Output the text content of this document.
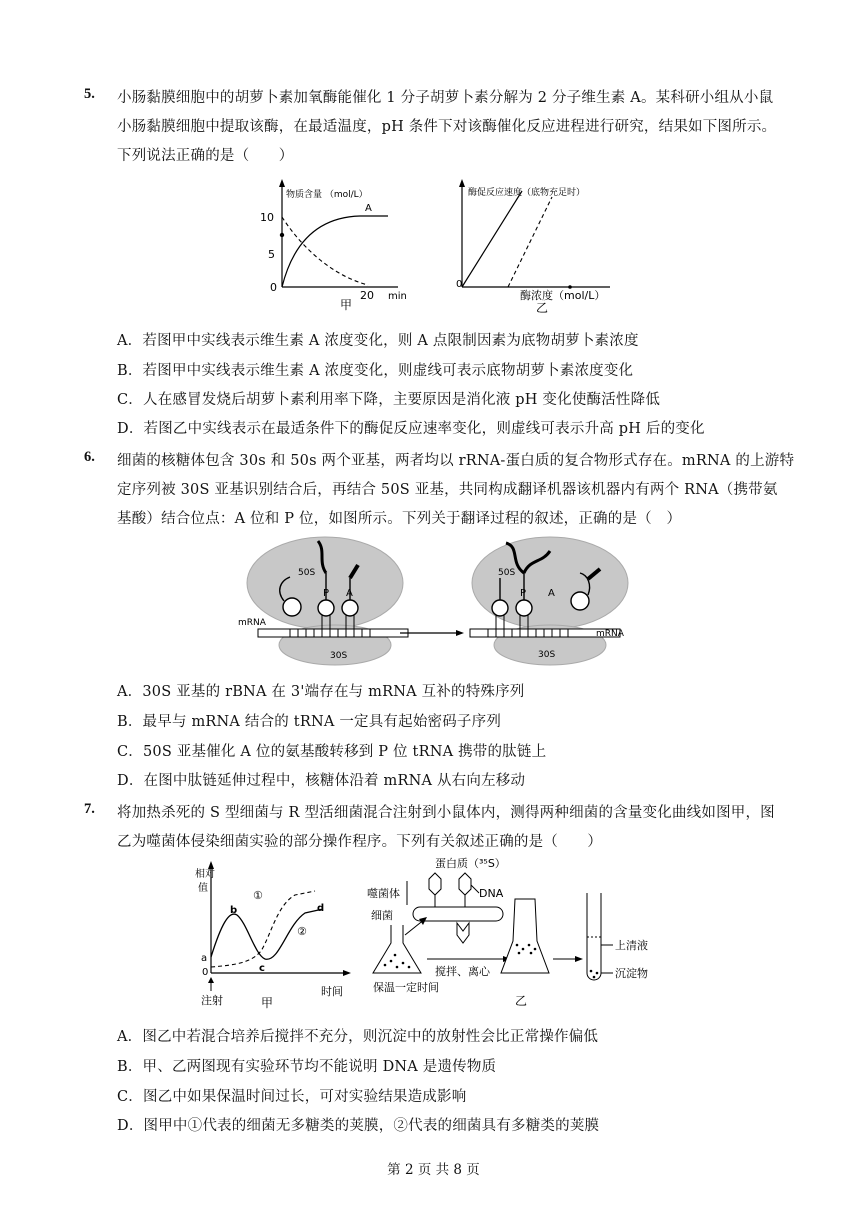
5. 小肠黏膜细胞中的胡萝卜素加氧酶能催化 1 分子胡萝卜素分解为 2 分子维生素 A。某科研小组从小鼠
小肠黏膜细胞中提取该酶，在最适温度，pH 条件下对该酶催化反应进程进行研究，结果如下图所示。
下列说法正确的是（　　）
物质含量 （mol/L）
10
5
0
A
20 min
甲
酶促反应速度（底物充足时）
0
酶浓度（mol/L）
乙
A．若图甲中实线表示维生素 A 浓度变化，则 A 点限制因素为底物胡萝卜素浓度
B．若图甲中实线表示维生素 A 浓度变化，则虚线可表示底物胡萝卜素浓度变化
C．人在感冒发烧后胡萝卜素利用率下降，主要原因是消化液 pH 变化使酶活性降低
D．若图乙中实线表示在最适条件下的酶促反应速率变化，则虚线可表示升高 pH 后的变化
6. 细菌的核糖体包含 30s 和 50s 两个亚基，两者均以 rRNA-蛋白质的复合物形式存在。mRNA 的上游特
定序列被 30S 亚基识别结合后，再结合 50S 亚基，共同构成翻译机器该机器内有两个 RNA（携带氨
基酸）结合位点：A 位和 P 位，如图所示。下列关于翻译过程的叙述，正确的是（　）
50S
P A
mRNA
30S
50S
P A
mRNA
30S
A．30S 亚基的 rBNA 在 3'端存在与 mRNA 互补的特殊序列
B．最早与 mRNA 结合的 tRNA 一定具有起始密码子序列
C．50S 亚基催化 A 位的氨基酸转移到 P 位 tRNA 携带的肽链上
D．在图中肽链延伸过程中，核糖体沿着 mRNA 从右向左移动
7. 将加热杀死的 S 型细菌与 R 型活细菌混合注射到小鼠体内，测得两种细菌的含量变化曲线如图甲，图
乙为噬菌体侵染细菌实验的部分操作程序。下列有关叙述正确的是（　　）
相对
值
a
b
c
d
0
①
②
注射
时间
甲
蛋白质（³⁵S）
噬菌体	DNA
细菌
保温一定时间
搅拌、离心
乙
上清液
沉淀物
A．图乙中若混合培养后搅拌不充分，则沉淀中的放射性会比正常操作偏低
B．甲、乙两图现有实验环节均不能说明 DNA 是遗传物质
C．图乙中如果保温时间过长，可对实验结果造成影响
D．图甲中①代表的细菌无多糖类的荚膜，②代表的细菌具有多糖类的荚膜
第 2 页 共 8 页
